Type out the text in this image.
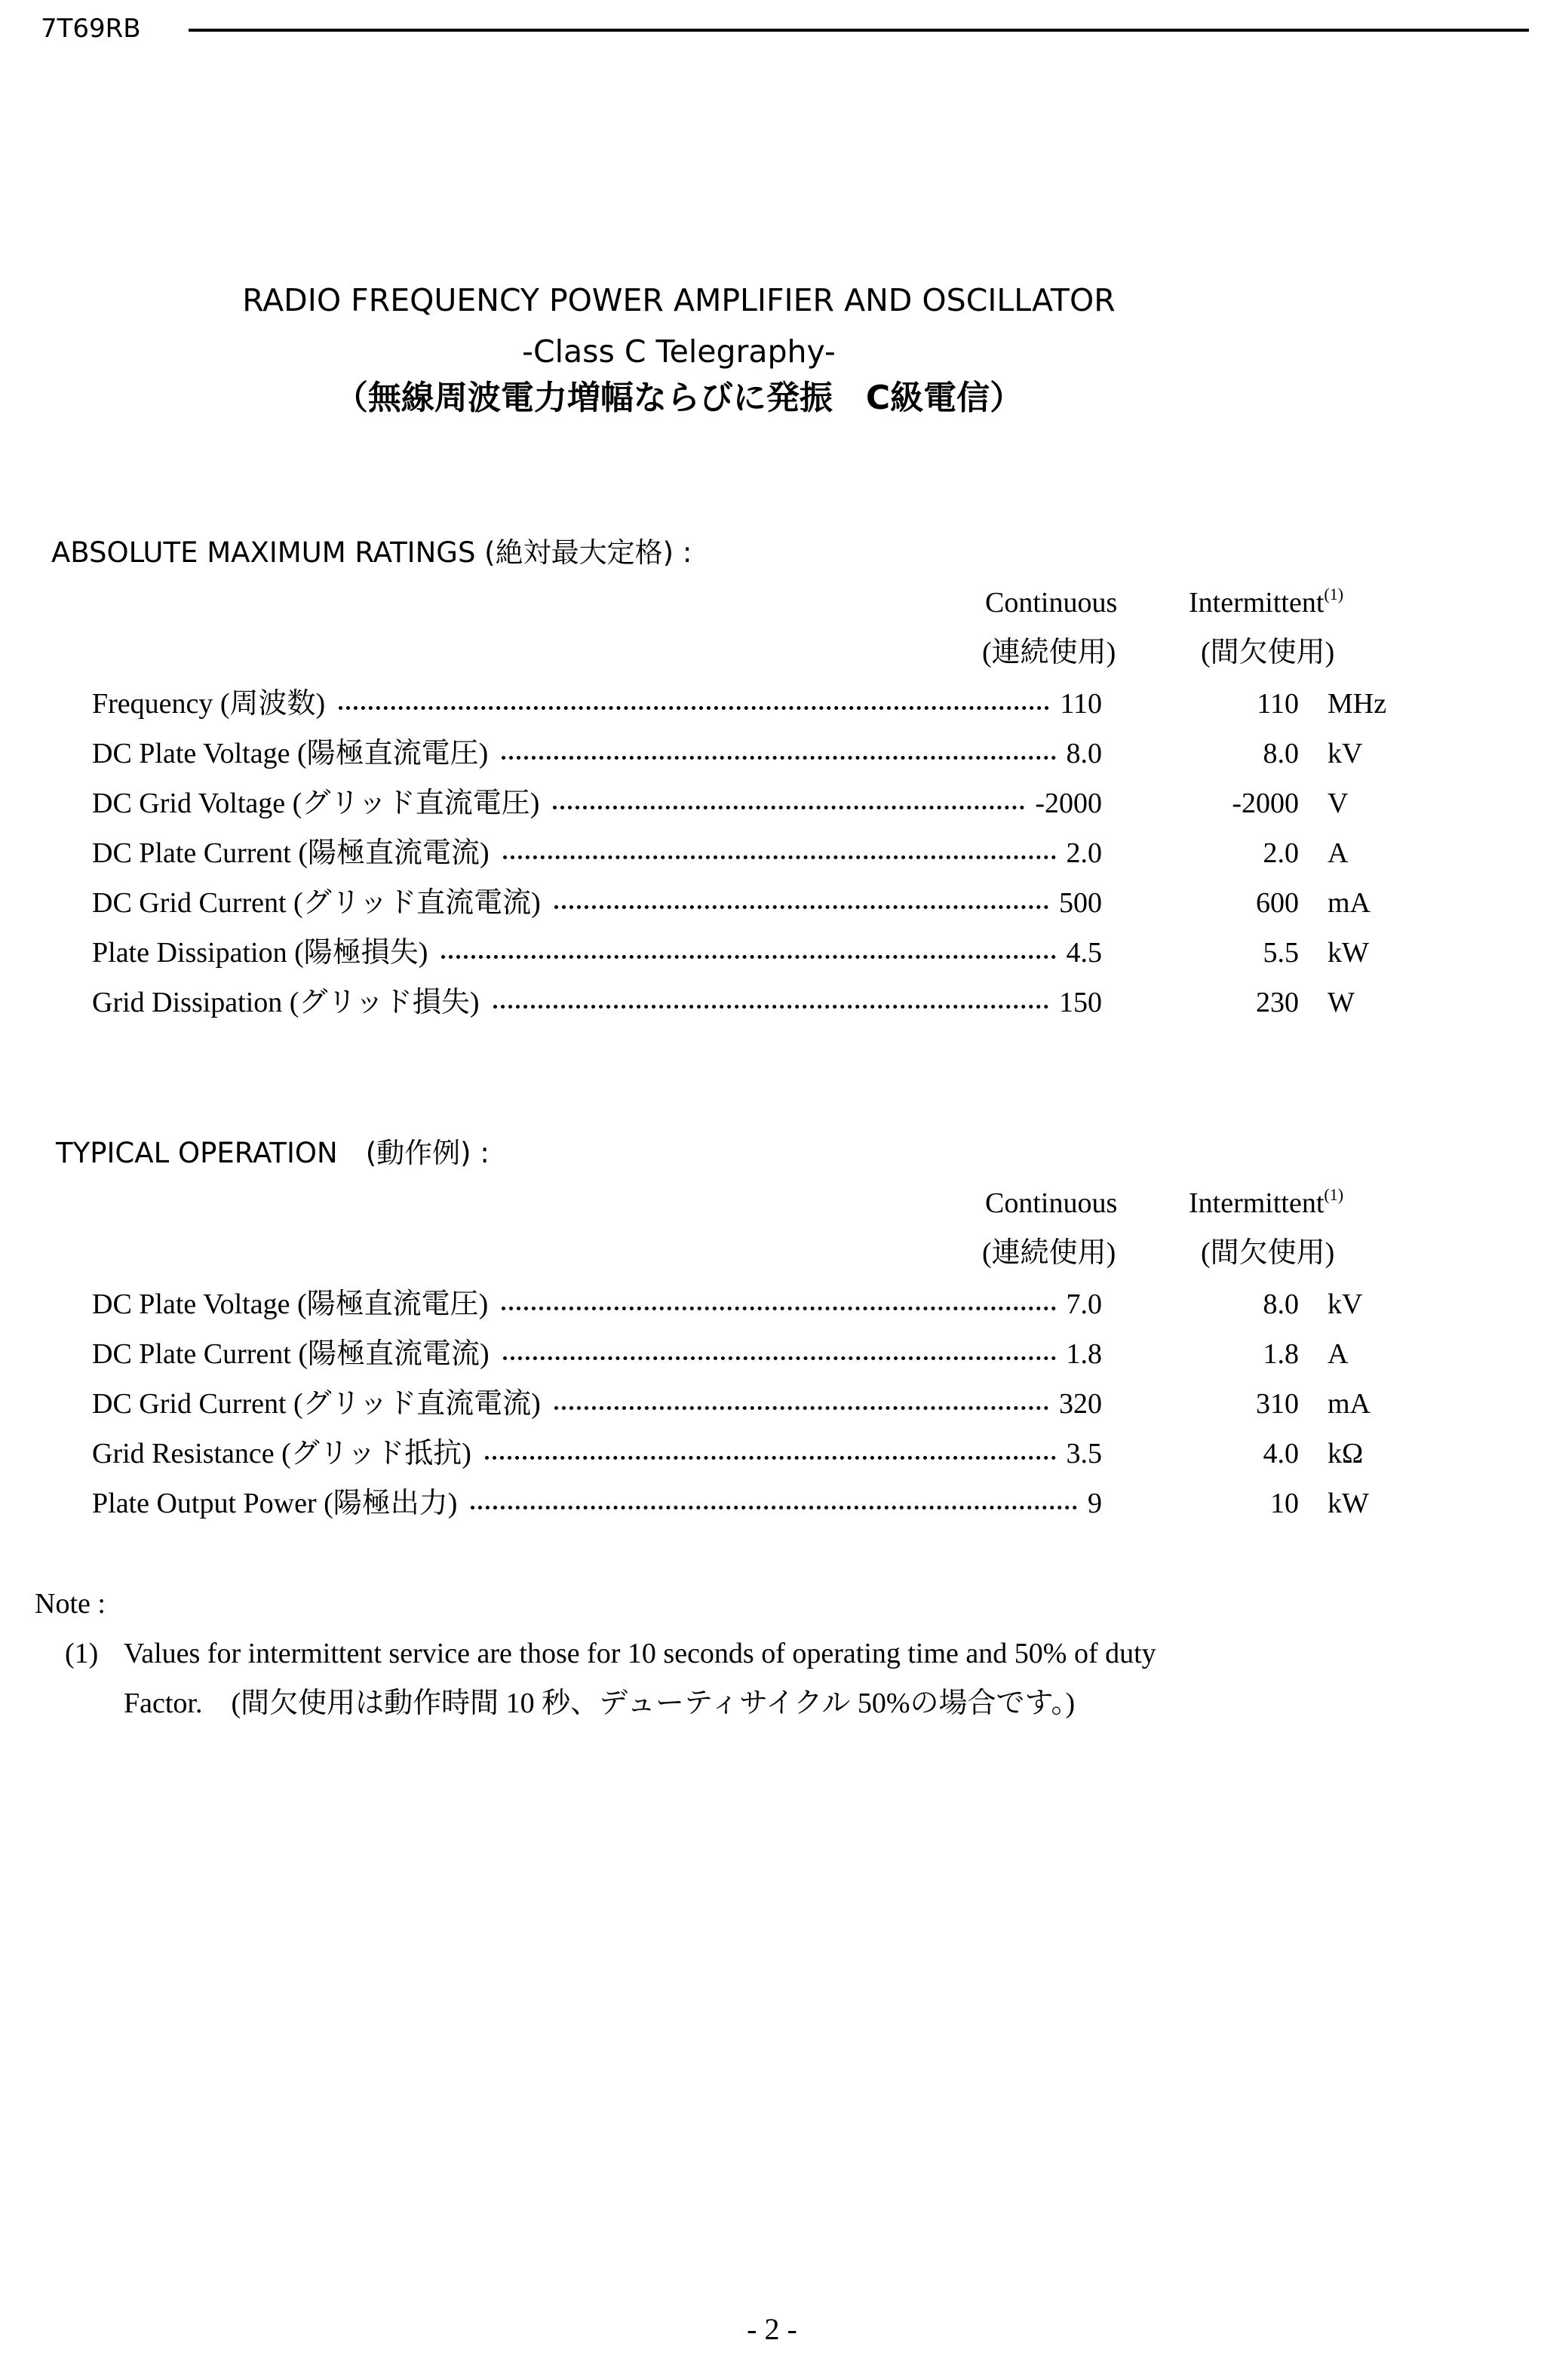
7T69RB
RADIO FREQUENCY POWER AMPLIFIER AND OSCILLATOR
-Class C Telegraphy-
（無線周波電力増幅ならびに発振　C級電信）
ABSOLUTE MAXIMUM RATINGS (絶対最大定格) :
Continuous Intermittent$^{(1)}$
(連続使用)	(間欠使用)
Frequency (周波数)	110	110 MHz
DC Plate Voltage (陽極直流電圧)	8.0	8.0 kV
DC Grid Voltage (グリッド直流電圧)	-2000	-2000 V
DC Plate Current (陽極直流電流)	2.0	2.0 A
DC Grid Current (グリッド直流電流)	500	600 mA
Plate Dissipation (陽極損失)	4.5	5.5 kW
Grid Dissipation (グリッド損失)	150	230 W
TYPICAL OPERATION　(動作例) :
Continuous Intermittent$^{(1)}$
(連続使用)	(間欠使用)
DC Plate Voltage (陽極直流電圧)	7.0	8.0 kV
DC Plate Current (陽極直流電流)	1.8	1.8 A
DC Grid Current (グリッド直流電流)	320	310 mA
Grid Resistance (グリッド抵抗)	3.5	4.0 kΩ
Plate Output Power (陽極出力)	9	10 kW
Note :
(1) Values for intermittent service are those for 10 seconds of operating time and 50% of duty
Factor.　(間欠使用は動作時間 10 秒、デューティサイクル 50%の場合です。)
- 2 -
